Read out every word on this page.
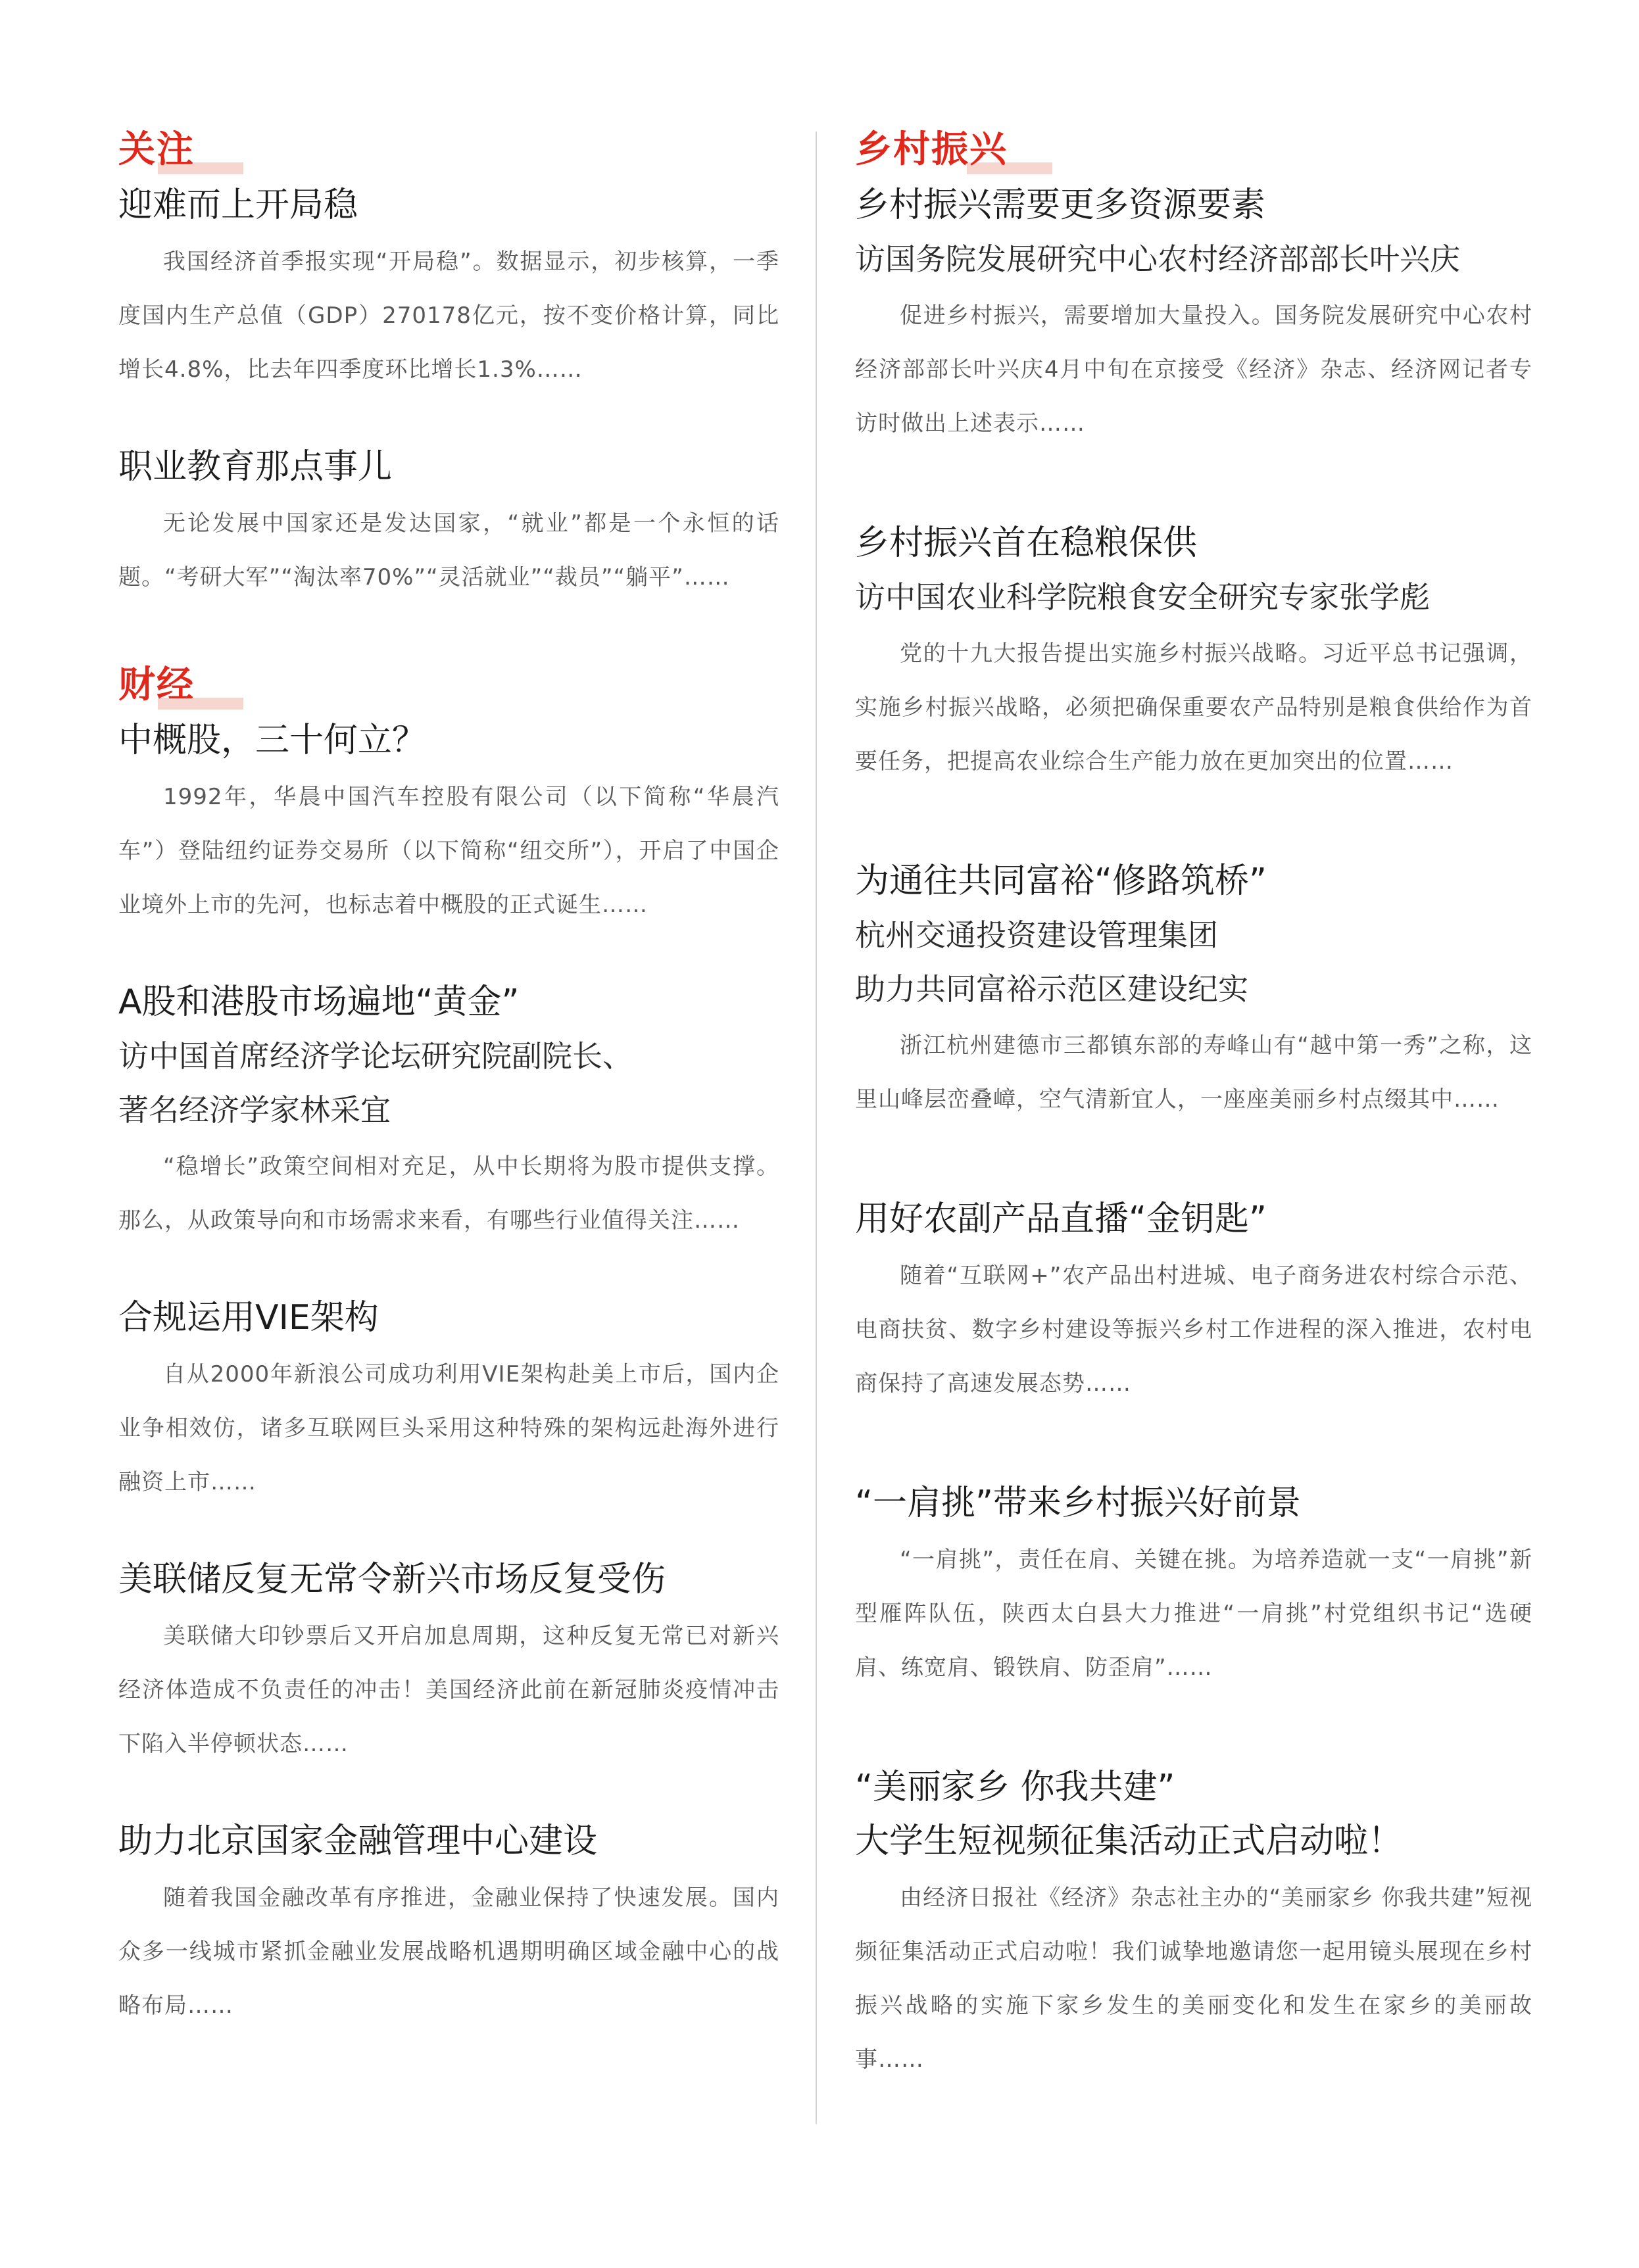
关注
迎难而上开局稳
我国经济首季报实现“开局稳”。数据显示，初步核算，一季度国内生产总值（GDP）270178亿元，按不变价格计算，同比增长4.8%，比去年四季度环比增长1.3%……
职业教育那点事儿
无论发展中国家还是发达国家，“就业”都是一个永恒的话题。“考研大军”“淘汰率70%”“灵活就业”“裁员”“躺平”……
财经
中概股，三十何立？
1992年，华晨中国汽车控股有限公司（以下简称“华晨汽车”）登陆纽约证券交易所（以下简称“纽交所”），开启了中国企业境外上市的先河，也标志着中概股的正式诞生……
A股和港股市场遍地“黄金”
访中国首席经济学论坛研究院副院长、
著名经济学家林采宜
“稳增长”政策空间相对充足，从中长期将为股市提供支撑。那么，从政策导向和市场需求来看，有哪些行业值得关注……
合规运用VIE架构
自从2000年新浪公司成功利用VIE架构赴美上市后，国内企业争相效仿，诸多互联网巨头采用这种特殊的架构远赴海外进行融资上市……
美联储反复无常令新兴市场反复受伤
美联储大印钞票后又开启加息周期，这种反复无常已对新兴经济体造成不负责任的冲击！美国经济此前在新冠肺炎疫情冲击下陷入半停顿状态……
助力北京国家金融管理中心建设
随着我国金融改革有序推进，金融业保持了快速发展。国内众多一线城市紧抓金融业发展战略机遇期明确区域金融中心的战略布局……
乡村振兴
乡村振兴需要更多资源要素
访国务院发展研究中心农村经济部部长叶兴庆
促进乡村振兴，需要增加大量投入。国务院发展研究中心农村经济部部长叶兴庆4月中旬在京接受《经济》杂志、经济网记者专访时做出上述表示……
乡村振兴首在稳粮保供
访中国农业科学院粮食安全研究专家张学彪
党的十九大报告提出实施乡村振兴战略。习近平总书记强调，实施乡村振兴战略，必须把确保重要农产品特别是粮食供给作为首要任务，把提高农业综合生产能力放在更加突出的位置……
为通往共同富裕“修路筑桥”
杭州交通投资建设管理集团
助力共同富裕示范区建设纪实
浙江杭州建德市三都镇东部的寿峰山有“越中第一秀”之称，这里山峰层峦叠嶂，空气清新宜人，一座座美丽乡村点缀其中……
用好农副产品直播“金钥匙”
随着“互联网+”农产品出村进城、电子商务进农村综合示范、电商扶贫、数字乡村建设等振兴乡村工作进程的深入推进，农村电商保持了高速发展态势……
“一肩挑”带来乡村振兴好前景
“一肩挑”，责任在肩、关键在挑。为培养造就一支“一肩挑”新型雁阵队伍，陕西太白县大力推进“一肩挑”村党组织书记“选硬肩、练宽肩、锻铁肩、防歪肩”……
“美丽家乡 你我共建”
大学生短视频征集活动正式启动啦！
由经济日报社《经济》杂志社主办的“美丽家乡 你我共建”短视频征集活动正式启动啦！我们诚挚地邀请您一起用镜头展现在乡村振兴战略的实施下家乡发生的美丽变化和发生在家乡的美丽故事……
